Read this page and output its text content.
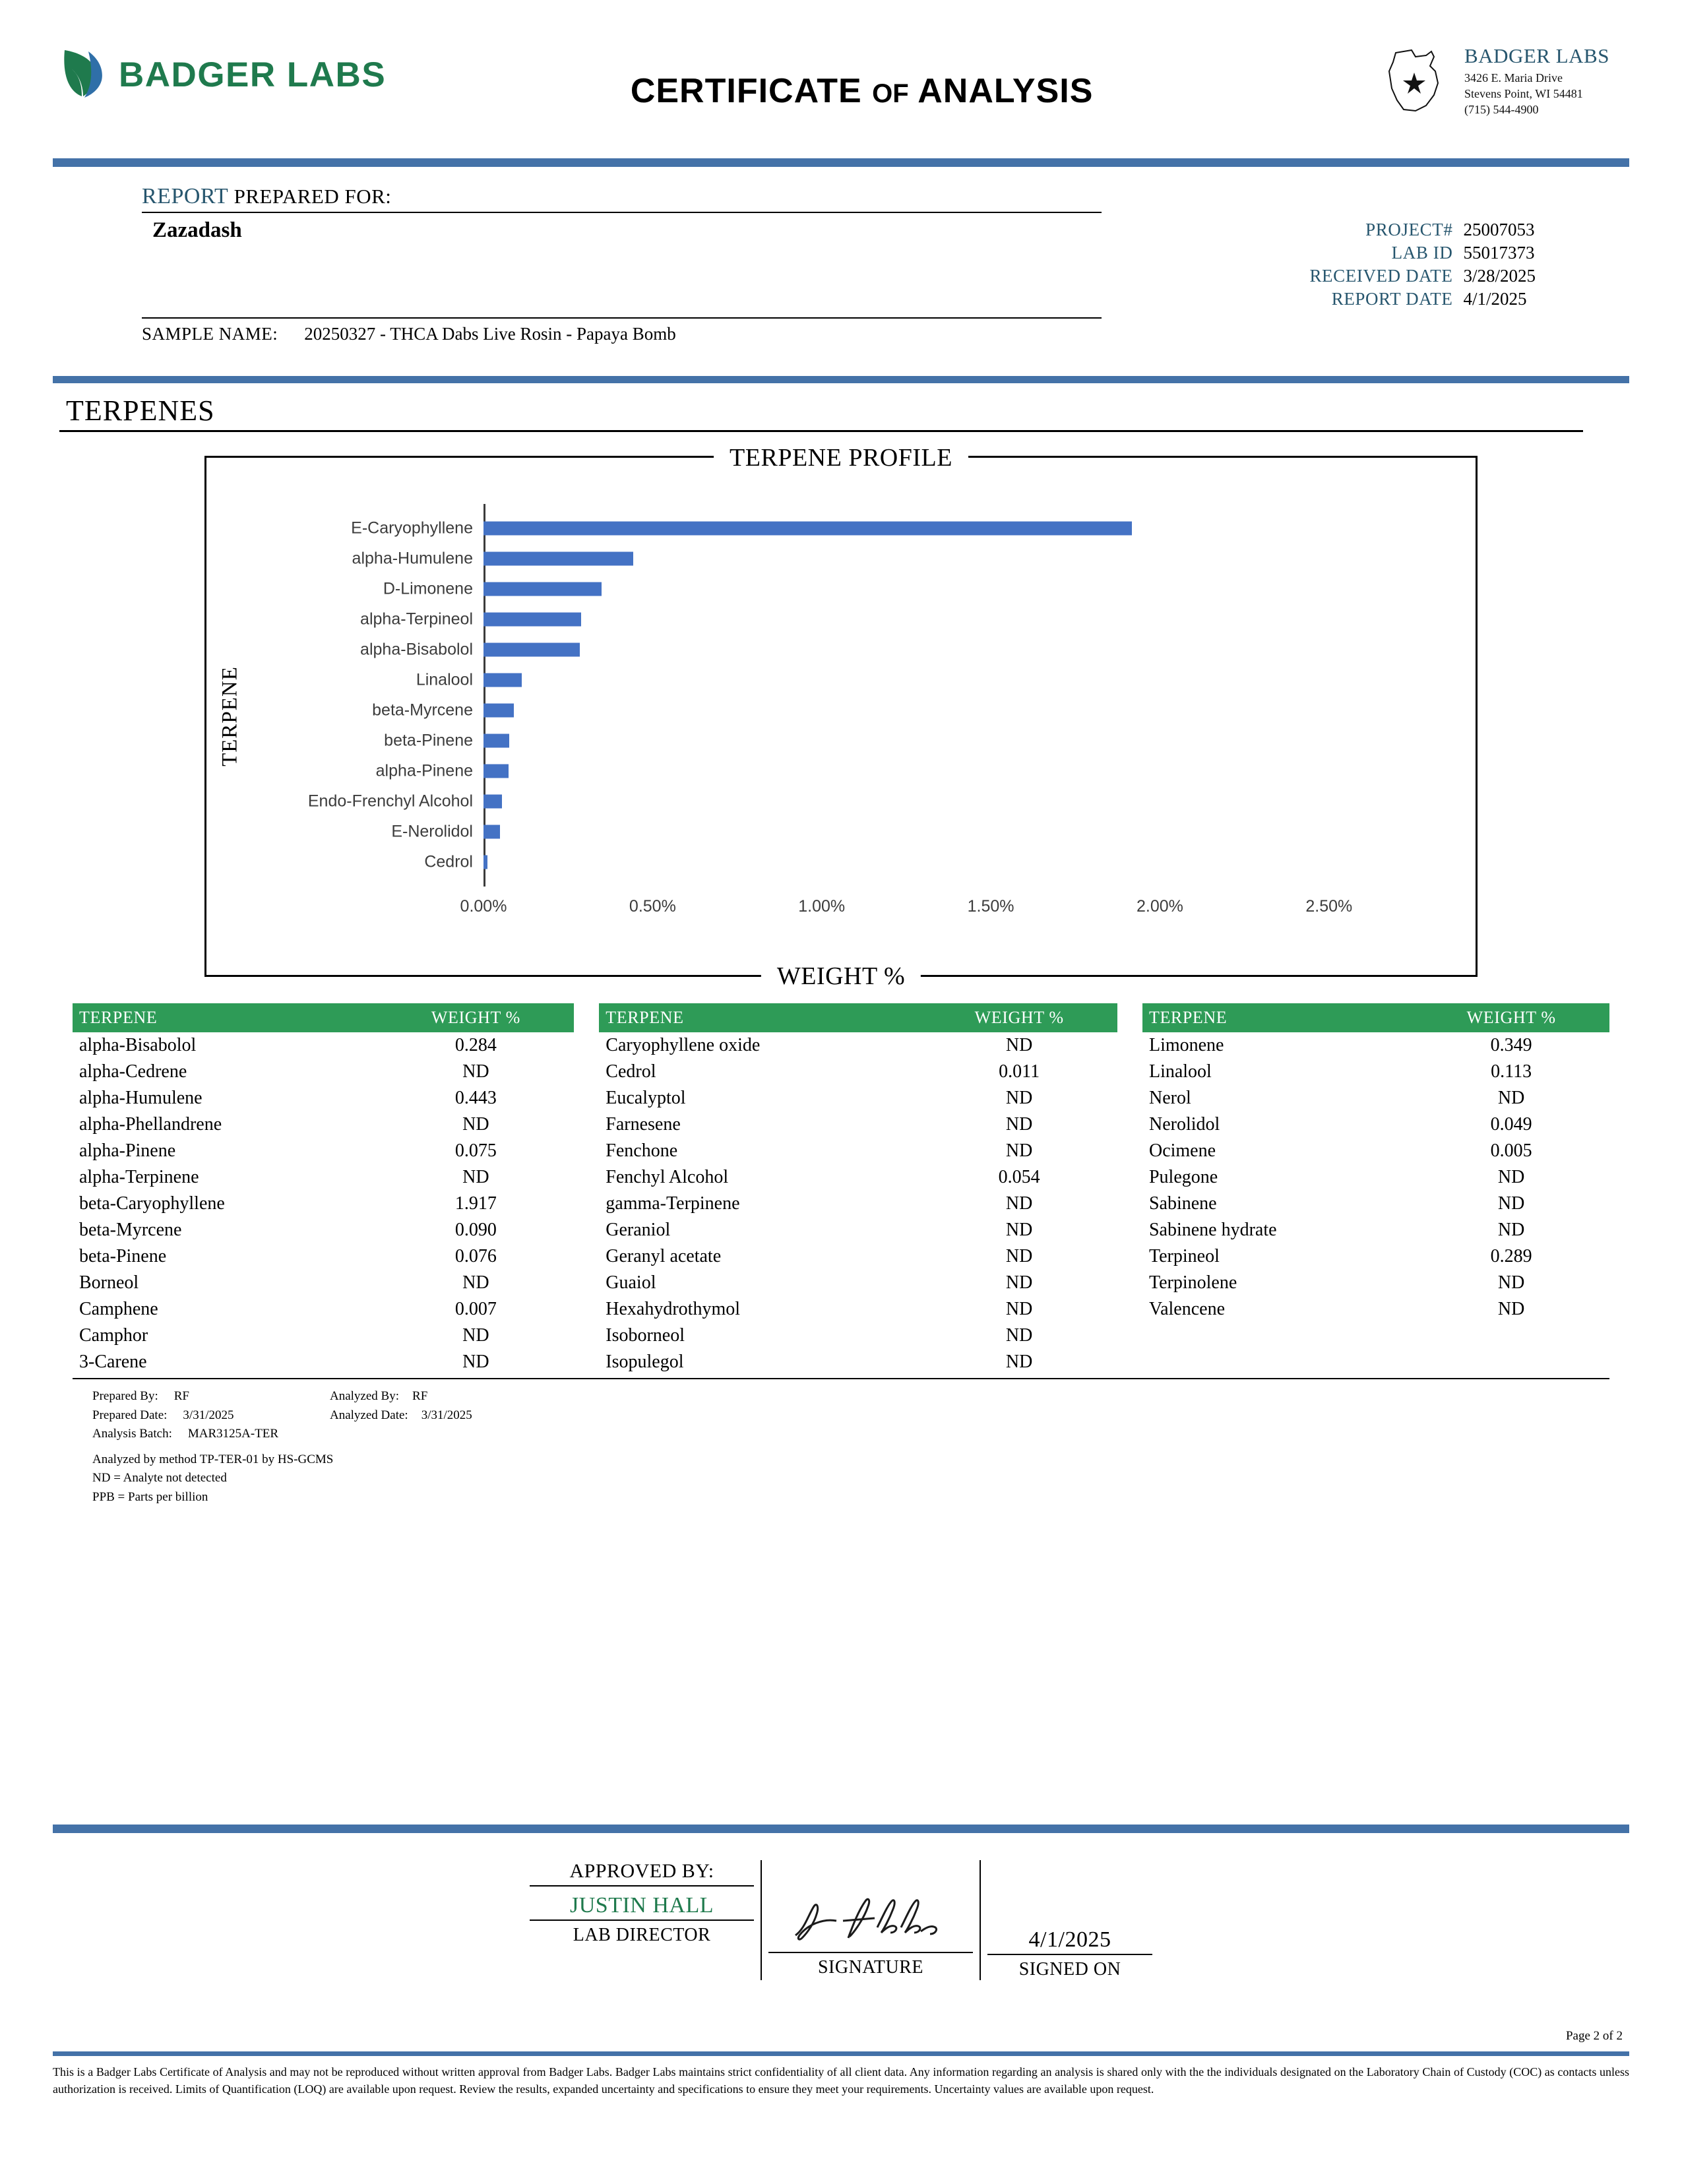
BADGER LABS	CERTIFICATE OF ANALYSIS
BADGER LABS
3426 E. Maria Drive
Stevens Point, WI 54481
(715) 544-4900
REPORT PREPARED FOR:
Zazadash	PROJECT#	25007053
LAB ID	55017373
RECEIVED DATE	3/28/2025
REPORT DATE	4/1/2025
SAMPLE NAME: 20250327 - THCA Dabs Live Rosin - Papaya Bomb
TERPENES
TERPENE PROFILE
TERPENE
WEIGHT %
E-Caryophyllene
alpha-Humulene
D-Limonene
alpha-Terpineol
alpha-Bisabolol
Linalool
beta-Myrcene
beta-Pinene
alpha-Pinene
Endo-Frenchyl Alcohol
E-Nerolidol
Cedrol
0.00%	0.50%	1.00%	1.50%	2.00%	2.50%
TERPENE	WEIGHT %		TERPENE	WEIGHT %		TERPENE	WEIGHT %
alpha-Bisabolol	0.284		Caryophyllene oxide	ND		Limonene	0.349
alpha-Cedrene	ND		Cedrol	0.011		Linalool	0.113
alpha-Humulene	0.443		Eucalyptol	ND		Nerol	ND
alpha-Phellandrene	ND		Farnesene	ND		Nerolidol	0.049
alpha-Pinene	0.075		Fenchone	ND		Ocimene	0.005
alpha-Terpinene	ND		Fenchyl Alcohol	0.054		Pulegone	ND
beta-Caryophyllene	1.917		gamma-Terpinene	ND		Sabinene	ND
beta-Myrcene	0.090		Geraniol	ND		Sabinene hydrate	ND
beta-Pinene	0.076		Geranyl acetate	ND		Terpineol	0.289
Borneol	ND		Guaiol	ND		Terpinolene	ND
Camphene	0.007		Hexahydrothymol	ND		Valencene	ND
Camphor	ND		Isoborneol	ND			
3-Carene	ND		Isopulegol	ND			
Prepared By: RF	Analyzed By: RF
Prepared Date: 3/31/2025	Analyzed Date: 3/31/2025
Analysis Batch: MAR3125A-TER
Analyzed by method TP-TER-01 by HS-GCMS
ND = Analyte not detected
PPB = Parts per billion
APPROVED BY:
JUSTIN HALL
LAB DIRECTOR
SIGNATURE
4/1/2025
SIGNED ON
Page 2 of 2
This is a Badger Labs Certificate of Analysis and may not be reproduced without written approval from Badger Labs. Badger Labs maintains strict confidentiality of all client data. Any information regarding an analysis is shared only with the the individuals designated on the Laboratory Chain of Custody (COC) as contacts unless authorization is received. Limits of Quantification (LOQ) are available upon request. Review the results, expanded uncertainty and specifications to ensure they meet your requirements. Uncertainty values are available upon request.
